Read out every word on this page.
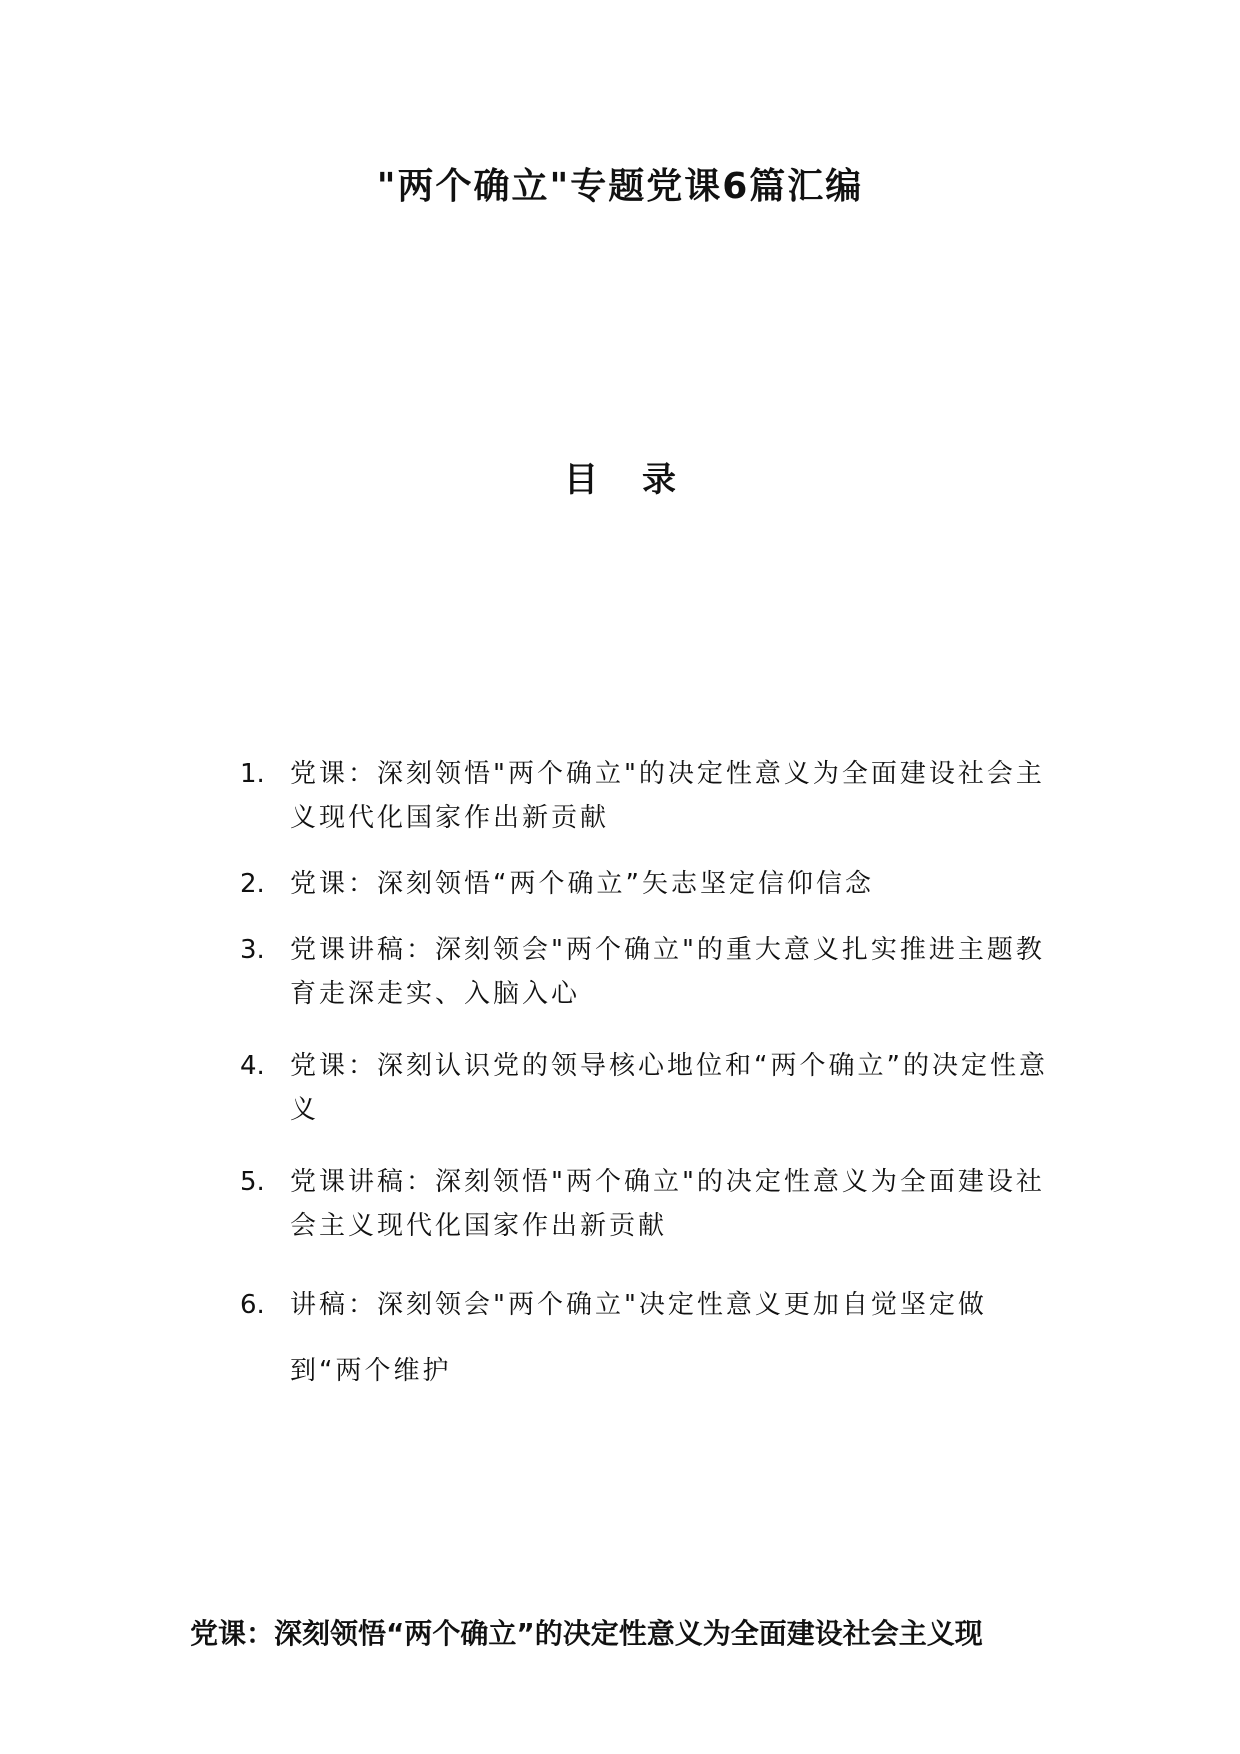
"两个确立"专题党课6篇汇编
目 录
1. 党课：深刻领悟"两个确立"的决定性意义为全面建设社会主义现代化国家作出新贡献
2. 党课：深刻领悟“两个确立”矢志坚定信仰信念
3. 党课讲稿：深刻领会"两个确立"的重大意义扎实推进主题教育走深走实、入脑入心
4. 党课：深刻认识党的领导核心地位和“两个确立”的决定性意义
5. 党课讲稿：深刻领悟"两个确立"的决定性意义为全面建设社会主义现代化国家作出新贡献
6. 讲稿：深刻领会"两个确立"决定性意义更加自觉坚定做到“两个维护
党课：深刻领悟“两个确立”的决定性意义为全面建设社会主义现
